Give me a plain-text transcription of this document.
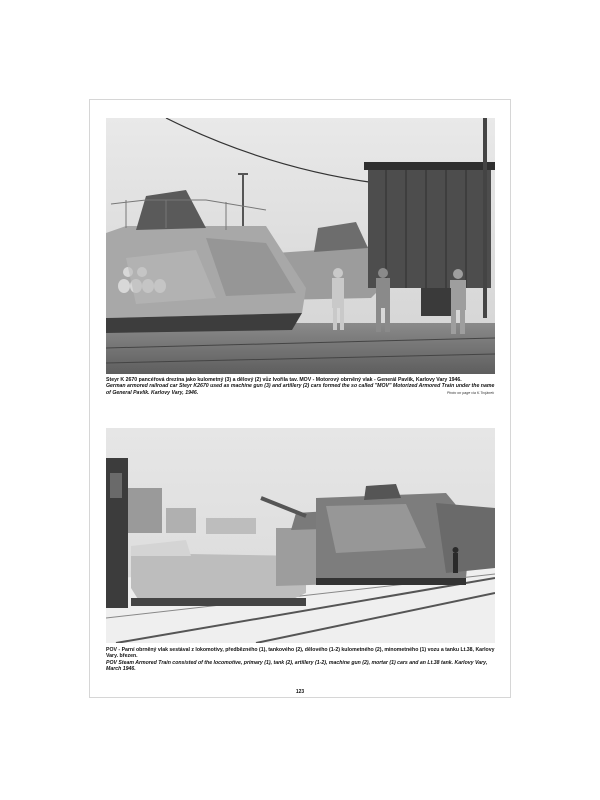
Steyr K 2670 pancéřová drezína jako kulometný (3) a dělový (2) vůz Ivořila tav. MOV - Motorový obrněný vlak - Generál Pavlík, Karlovy Vary 1946.
German armored railroad car Steyr K2670 used as machine gun (3) and artillery (2) cars formed the so called "MOV" Motorized Armored Train under the name of General Pavlík. Karlovy Vary, 1946.	Photo on page via K.Trojánek
POV - Parní obrněný vlak sestával z lokomotivy, předbězného (1), tankového (2), dělového (1-2) kulometného (2), minometného (1) vozu a tanku Lt.38, Karlovy Vary. březen.
POV Steam Armored Train consisted of the locomotive, primary (1), tank (2), artillery (1-2), machine gun (2), mortar (1) cars and an Lt.38 tank. Karlovy Vary, March 1946.
123
